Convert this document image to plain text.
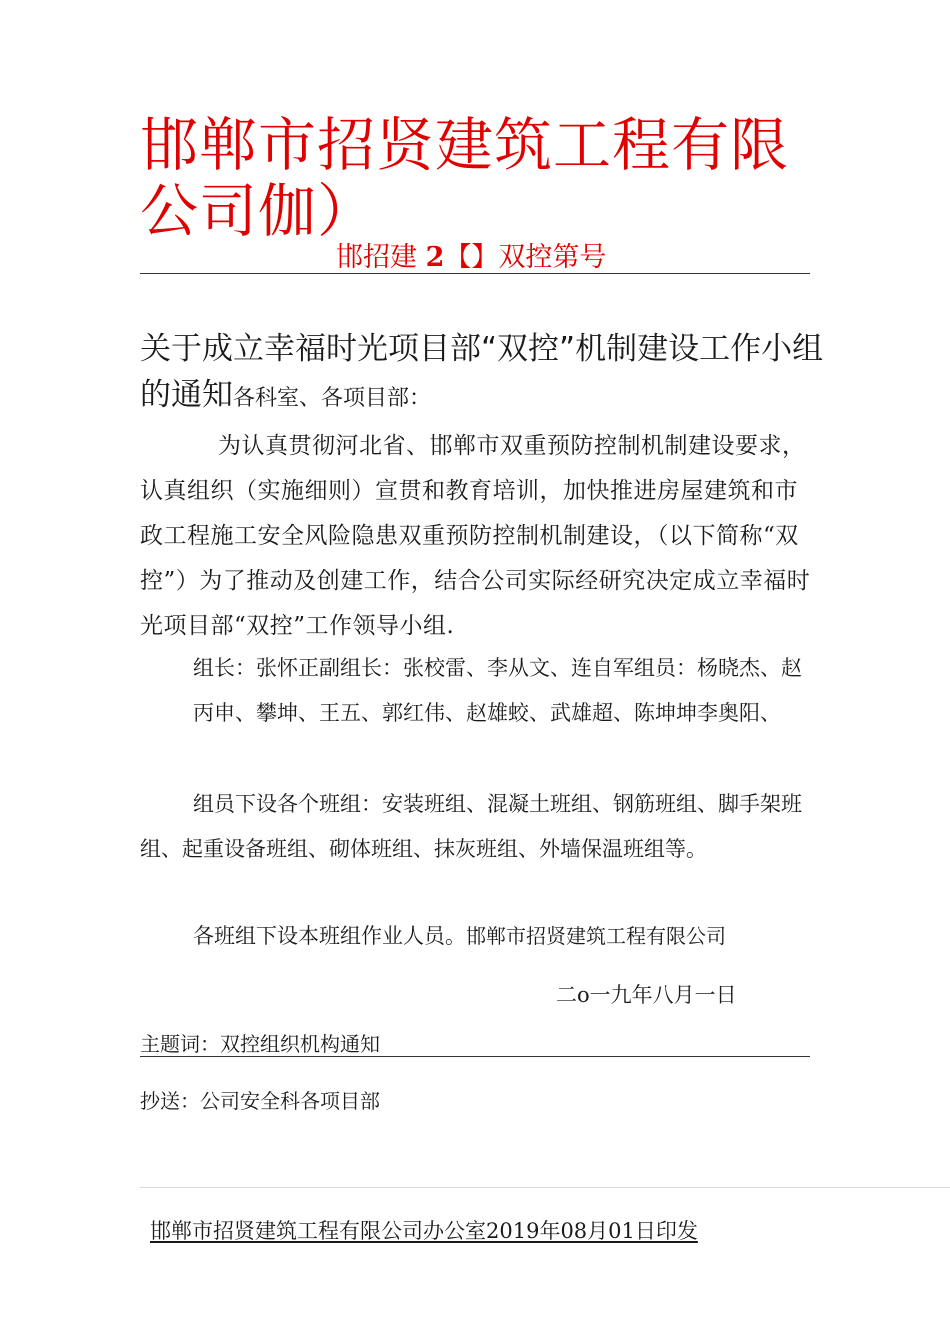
邯郸市招贤建筑工程有限公司伽）
邯招建 2【】双控第号
关于成立幸福时光项目部“双控”机制建设工作小组的通知各科室、各项目部：
为认真贯彻河北省、邯郸市双重预防控制机制建设要求，认真组织（实施细则）宣贯和教育培训，加快推进房屋建筑和市政工程施工安全风险隐患双重预防控制机制建设，（以下简称“双控”）为了推动及创建工作，结合公司实际经研究决定成立幸福时光项目部“双控”工作领导小组.
组长：张怀正副组长：张校雷、李从文、连自军组员：杨晓杰、赵丙申、攀坤、王五、郭红伟、赵雄蛟、武雄超、陈坤坤李奥阳、
组员下设各个班组：安装班组、混凝土班组、钢筋班组、脚手架班组、起重设备班组、砌体班组、抹灰班组、外墙保温班组等。
各班组下设本班组作业人员。邯郸市招贤建筑工程有限公司
二o一九年八月一日
主题词：双控组织机构通知
抄送：公司安全科各项目部
邯郸市招贤建筑工程有限公司办公室2019年08月01日印发
